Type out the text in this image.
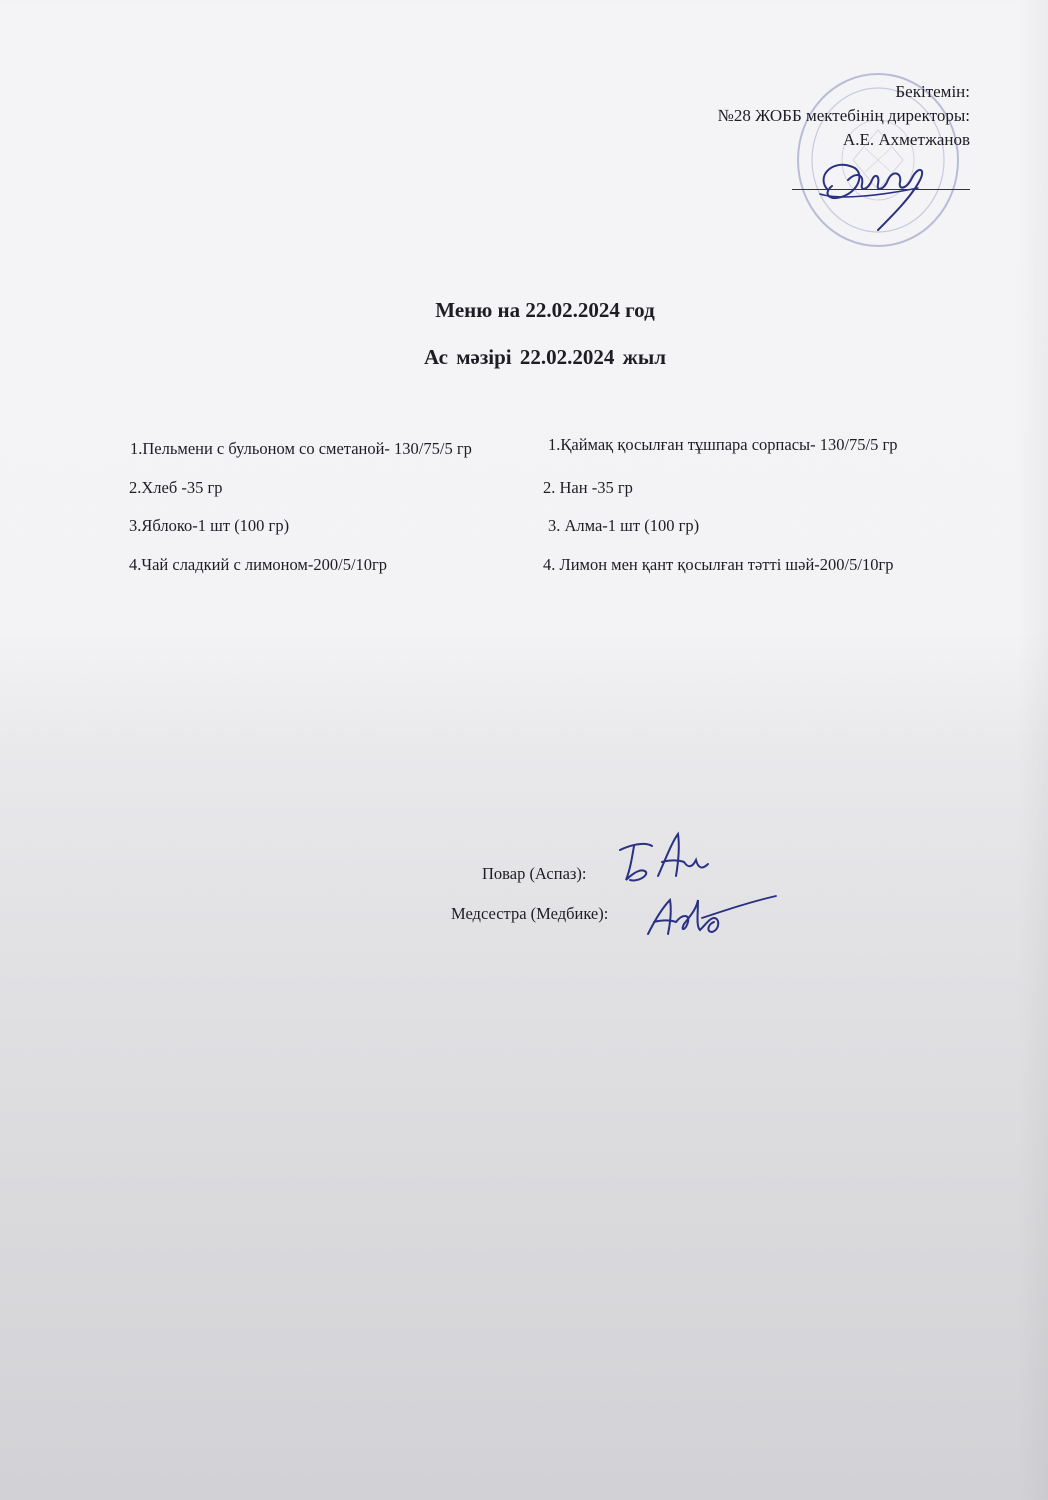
Бекітемін:
№28 ЖОББ мектебінің директоры:
А.Е. Ахметжанов
Меню на 22.02.2024 год
Ас мәзірі 22.02.2024 жыл
1.Пельмени с бульоном со сметаной- 130/75/5 гр
2.Хлеб -35 гр
3.Яблоко-1 шт (100 гр)
4.Чай сладкий с лимоном-200/5/10гр
1.Қаймақ қосылған тұшпара сорпасы- 130/75/5 гр
2. Нан -35 гр
3. Алма-1 шт (100 гр)
4. Лимон мен қант қосылған тәтті шәй-200/5/10гр
Повар (Аспаз):
Медсестра (Медбике):
